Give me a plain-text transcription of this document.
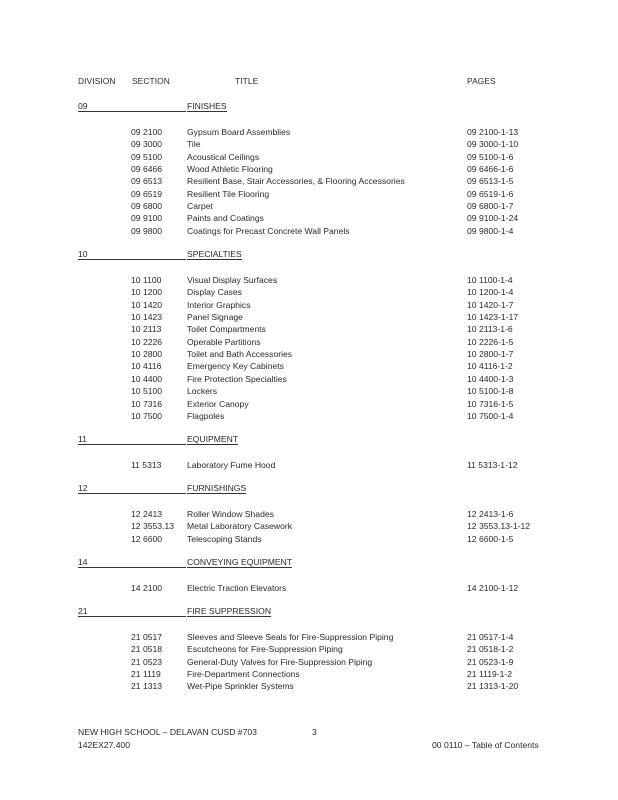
DIVISION SECTION	TITLE	PAGES
09	FINISHES
09 2100	Gypsum Board Assemblies	09 2100-1-13
09 3000	Tile	09 3000-1-10
09 5100	Acoustical Ceilings	09 5100-1-6
09 6466	Wood Athletic Flooring	09 6466-1-6
09 6513	Resilient Base, Stair Accessories, & Flooring Accessories	09 6513-1-5
09 6519	Resilient Tile Flooring	09 6519-1-6
09 6800	Carpet	09 6800-1-7
09 9100	Paints and Coatings	09 9100-1-24
09 9800	Coatings for Precast Concrete Wall Panels	09 9800-1-4
10	SPECIALTIES
10 1100	Visual Display Surfaces	10 1100-1-4
10 1200	Display Cases	10 1200-1-4
10 1420	Interior Graphics	10 1420-1-7
10 1423	Panel Signage	10 1423-1-17
10 2113	Toilet Compartments	10 2113-1-6
10 2226	Operable Partitions	10 2226-1-5
10 2800	Toilet and Bath Accessories	10 2800-1-7
10 4116	Emergency Key Cabinets	10 4116-1-2
10 4400	Fire Protection Specialties	10 4400-1-3
10 5100	Lockers	10 5100-1-8
10 7316	Exterior Canopy	10 7316-1-5
10 7500	Flagpoles	10 7500-1-4
11	EQUIPMENT
11 5313	Laboratory Fume Hood	11 5313-1-12
12	FURNISHINGS
12 2413	Roller Window Shades	12 2413-1-6
12 3553.13 Metal Laboratory Casework	12 3553.13-1-12
12 6600	Telescoping Stands	12 6600-1-5
14	CONVEYING EQUIPMENT
14 2100	Electric Traction Elevators	14 2100-1-12
21	FIRE SUPPRESSION
21 0517	Sleeves and Sleeve Seals for Fire-Suppression Piping	21 0517-1-4
21 0518	Escutcheons for Fire-Suppression Piping	21 0518-1-2
21 0523	General-Duty Valves for Fire-Suppression Piping	21 0523-1-9
21 1119	Fire-Department Connections	21 1119-1-2
21 1313	Wet-Pipe Sprinkler Systems	21 1313-1-20
NEW HIGH SCHOOL – DELAVAN CUSD #703	3
142EX27.400	00 0110 – Table of Contents
